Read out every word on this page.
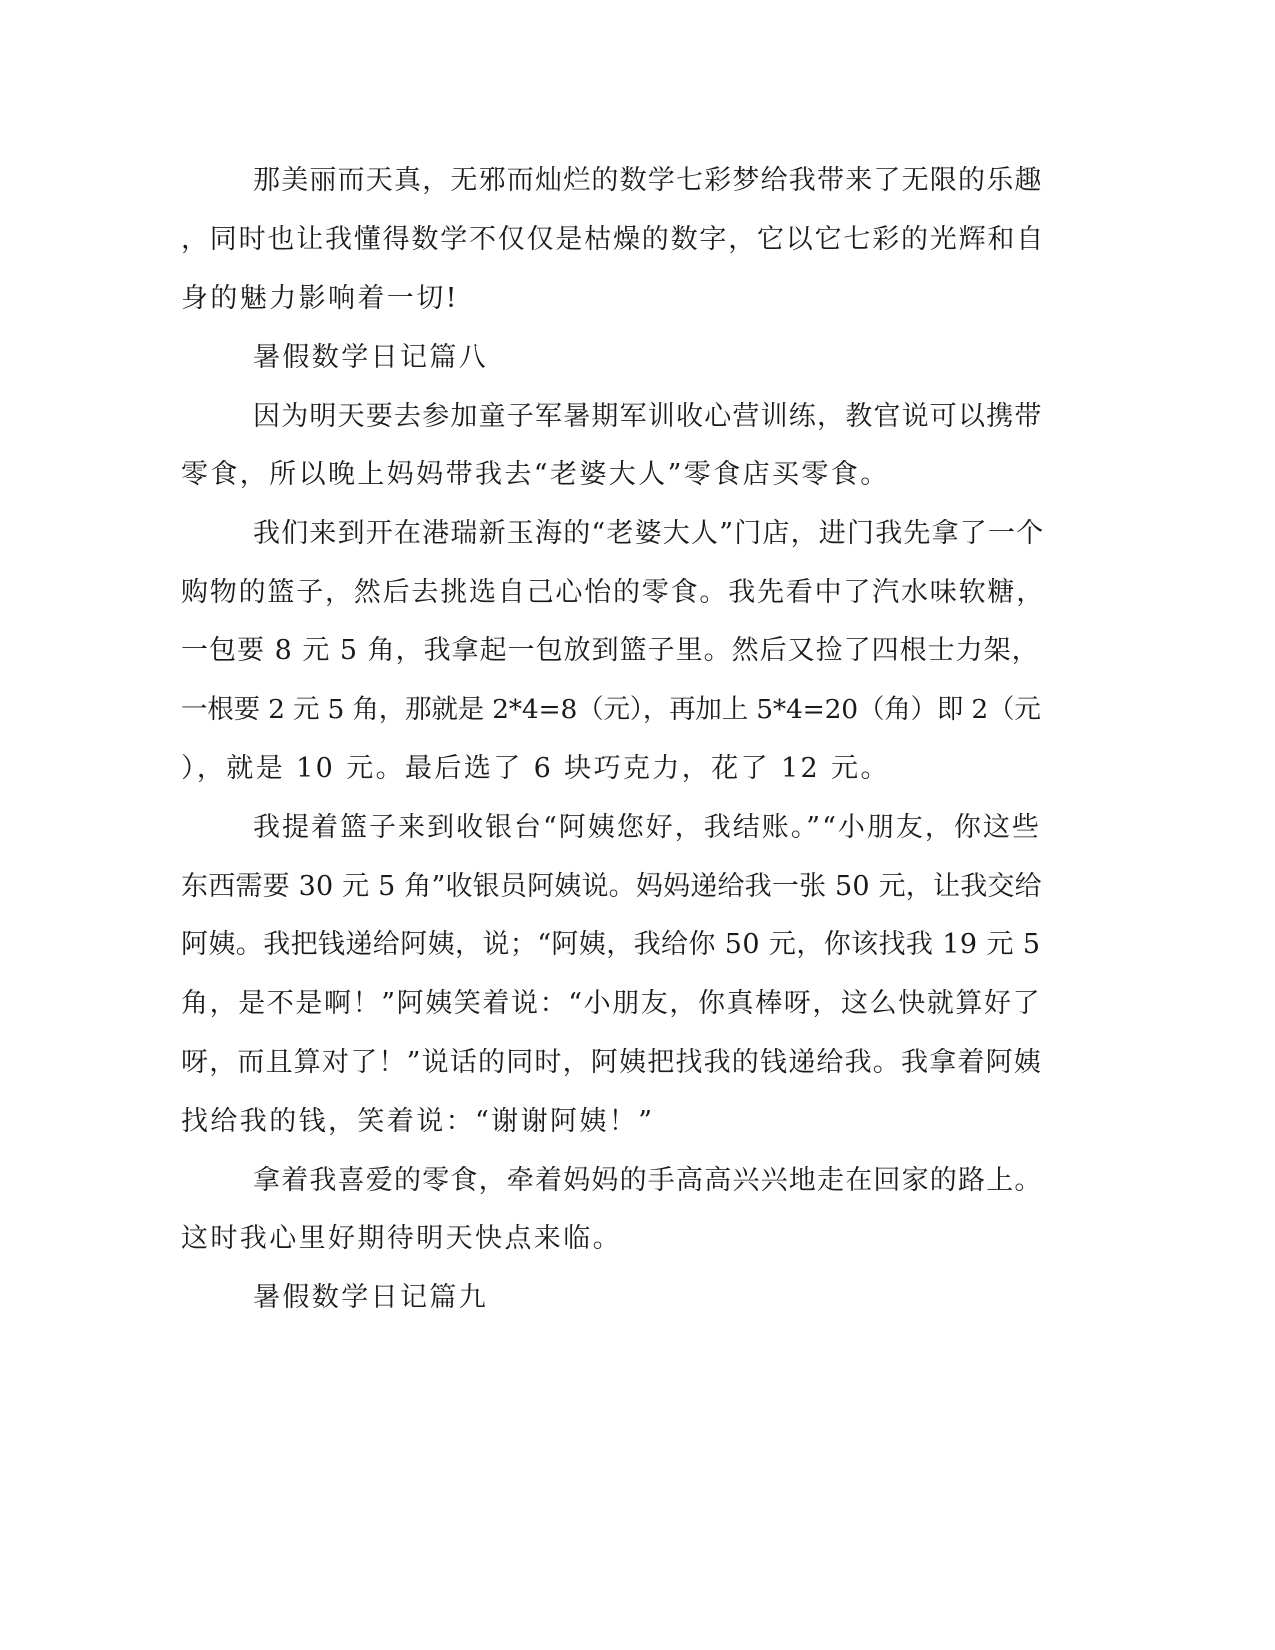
那美丽而天真，无邪而灿烂的数学七彩梦给我带来了无限的乐趣
，同时也让我懂得数学不仅仅是枯燥的数字，它以它七彩的光辉和自
身的魅力影响着一切!
暑假数学日记篇八
因为明天要去参加童子军暑期军训收心营训练，教官说可以携带
零食，所以晚上妈妈带我去“老婆大人”零食店买零食。
我们来到开在港瑞新玉海的“老婆大人”门店，进门我先拿了一个
购物的篮子，然后去挑选自己心怡的零食。我先看中了汽水味软糖，
一包要 8 元 5 角，我拿起一包放到篮子里。然后又捡了四根士力架，
一根要 2 元 5 角，那就是 2*4=8（元），再加上 5*4=20（角）即 2（元
），就是 10 元。最后选了 6 块巧克力，花了 12 元。
我提着篮子来到收银台“阿姨您好，我结账。”“小朋友，你这些
东西需要 30 元 5 角”收银员阿姨说。妈妈递给我一张 50 元，让我交给
阿姨。我把钱递给阿姨，说；“阿姨，我给你 50 元，你该找我 19 元 5
角，是不是啊！”阿姨笑着说：“小朋友，你真棒呀，这么快就算好了
呀，而且算对了！”说话的同时，阿姨把找我的钱递给我。我拿着阿姨
找给我的钱，笑着说：“谢谢阿姨！”
拿着我喜爱的零食，牵着妈妈的手高高兴兴地走在回家的路上。
这时我心里好期待明天快点来临。
暑假数学日记篇九
